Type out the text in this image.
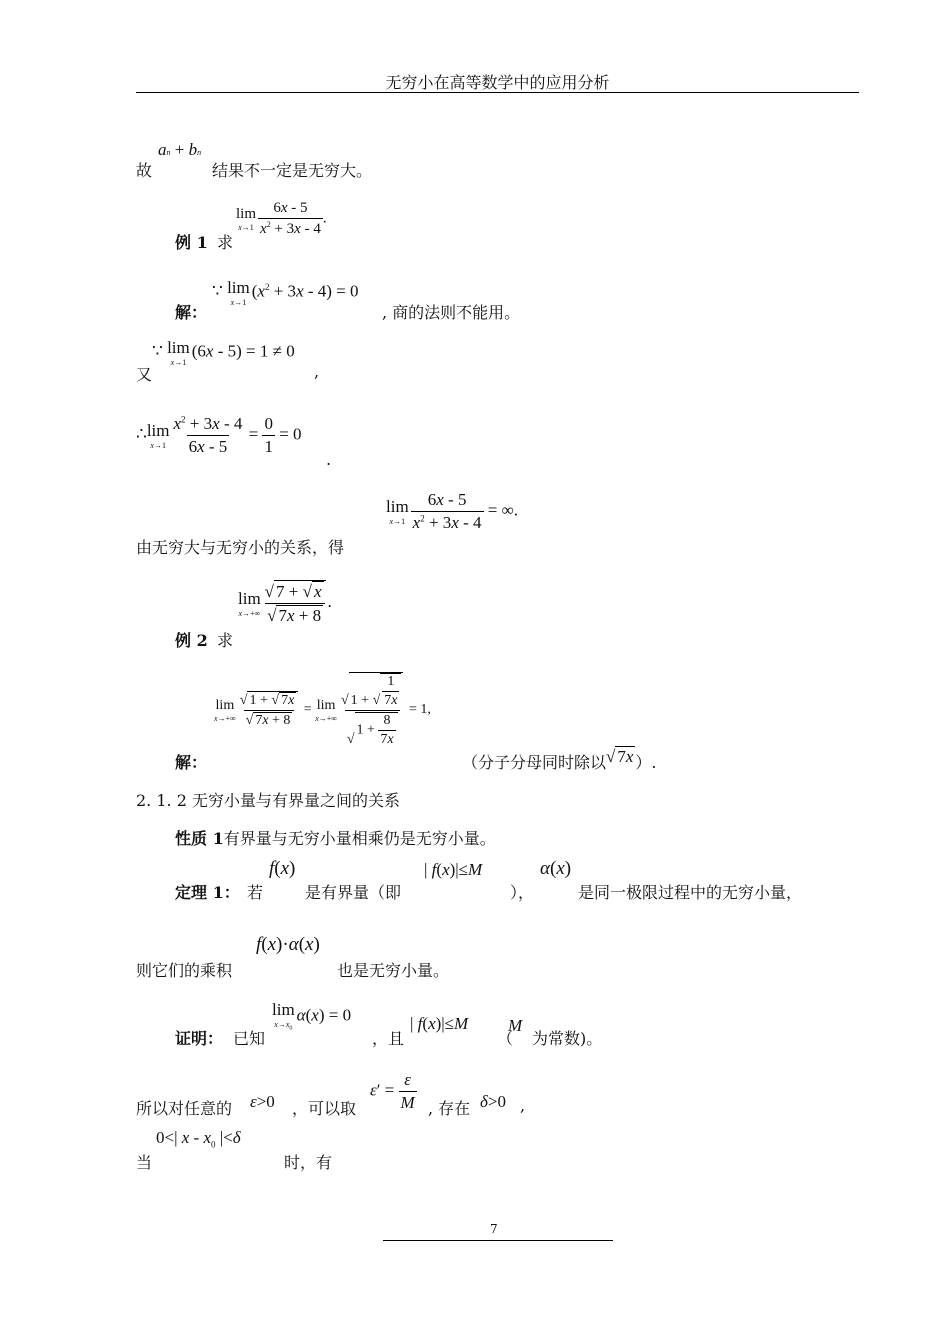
无穷小在高等数学中的应用分析
故
an + bn
结果不一定是无穷大。
lim
$x\to 1 \frac{6x - 5}{x^2 + 3x - 4}$ .
例 1 求
∵ lim
x→1
$(x^2 + 3x - 4) = 0$
解：	, 商的法则不能用。
∵ lim
x→1
(6x - 5) = 1 ≠ 0
又	,
∴ lim
$x\to 1 \frac{x^2 + 3x - 4}{6x - 5} = \frac{0}{1} = 0$
.
lim
$x\to 1 \frac{6x - 5}{x^2 + 3x - 4}$ = ∞.
由无穷大与无穷小的关系，得
lim
$x\to+\infty \frac{√ 7 + √ x}{√ 7x + 8}$ .
例 2 求
lim
$x\to+\infty \frac{√ 1 + √ 7x}{√ 7x + 8} = \lim$
x→+∞ √ 1 + √ $\frac{1}{7x}$
√
$1 + \frac{8}{7x} = 1$,
解：	（分子分母同时除以√ 7x ）.
2. 1. 2 无穷小量与有界量之间的关系
性质 1有界量与无穷小量相乘仍是无穷小量。
f(x)	| f(x)|≤M	α(x)
定理 1： 若	是有界量（即	），	是同一极限过程中的无穷小量，
f(x)·α(x)
则它们的乘积	也是无穷小量。
lim
$x\to x_0$
α(x) = 0	| f(x)|≤M M
证明： 已知	，且	（ 为常数)。
所以对任意的 ε>0 ，可以取
$\varepsilon' = \frac{\varepsilon}{M}$ , 存在 δ>0 ,
0<| x - $x_0$ |<δ
当	时，有
7
